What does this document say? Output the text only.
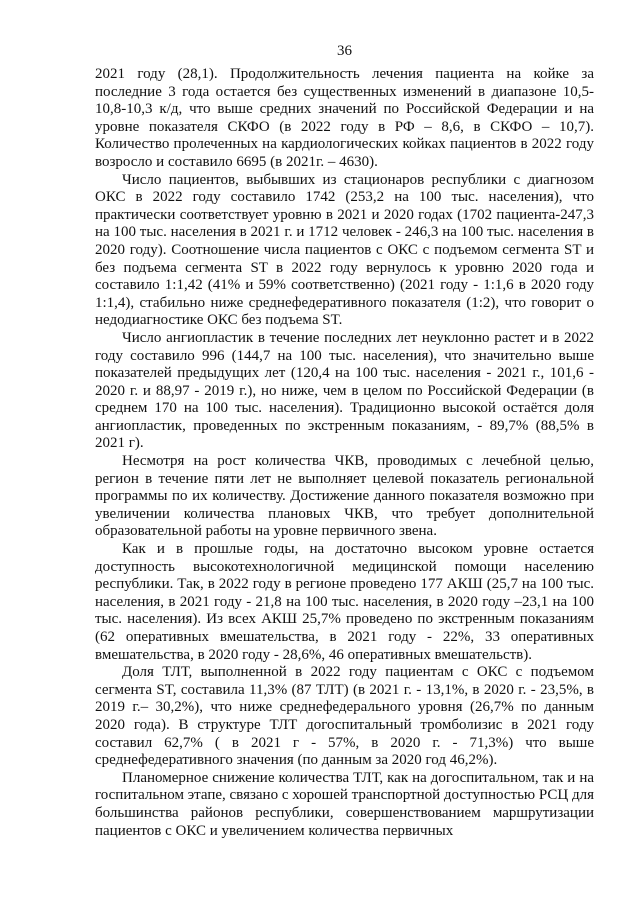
36

2021 году (28,1). Продолжительность лечения пациента на койке за последние 3 года остается без существенных изменений в диапазоне 10,5-10,8-10,3 к/д, что выше средних значений по Российской Федерации и на уровне показателя СКФО (в 2022 году в РФ – 8,6, в СКФО – 10,7). Количество пролеченных на кардиологических койках пациентов в 2022 году возросло и составило 6695 (в 2021г. – 4630).

Число пациентов, выбывших из стационаров республики с диагнозом ОКС в 2022 году составило 1742 (253,2 на 100 тыс. населения), что практически соответствует уровню в 2021 и 2020 годах (1702 пациента-247,3 на 100 тыс. населения в 2021 г. и 1712 человек - 246,3 на 100 тыс. населения в 2020 году). Соотношение числа пациентов с ОКС с подъемом сегмента ST и без подъема сегмента ST в 2022 году вернулось к уровню 2020 года и составило 1:1,42 (41% и 59% соответственно) (2021 году - 1:1,6 в 2020 году 1:1,4), стабильно ниже среднефедеративного показателя (1:2), что говорит о недодиагностике ОКС без подъема ST.

Число ангиопластик в течение последних лет неуклонно растет и в 2022 году составило 996 (144,7 на 100 тыс. населения), что значительно выше показателей предыдущих лет (120,4 на 100 тыс. населения - 2021 г., 101,6 - 2020 г. и 88,97 - 2019 г.), но ниже, чем в целом по Российской Федерации (в среднем 170 на 100 тыс. населения). Традиционно высокой остаётся доля ангиопластик, проведенных по экстренным показаниям, - 89,7% (88,5% в 2021 г).

Несмотря на рост количества ЧКВ, проводимых с лечебной целью, регион в течение пяти лет не выполняет целевой показатель региональной программы по их количеству. Достижение данного показателя возможно при увеличении количества плановых ЧКВ, что требует дополнительной образовательной работы на уровне первичного звена.

Как и в прошлые годы, на достаточно высоком уровне остается доступность высокотехнологичной медицинской помощи населению республики. Так, в 2022 году в регионе проведено 177 АКШ (25,7 на 100 тыс. населения, в 2021 году - 21,8 на 100 тыс. населения, в 2020 году –23,1 на 100 тыс. населения). Из всех АКШ 25,7% проведено по экстренным показаниям (62 оперативных вмешательства, в 2021 году - 22%, 33 оперативных вмешательства, в 2020 году - 28,6%, 46 оперативных вмешательств).

Доля ТЛТ, выполненной в 2022 году пациентам с ОКС с подъемом сегмента ST, составила 11,3% (87 ТЛТ) (в 2021 г. - 13,1%, в 2020 г. - 23,5%, в 2019 г.– 30,2%), что ниже среднефедерального уровня (26,7% по данным 2020 года). В структуре ТЛТ догоспитальный тромболизис в 2021 году составил 62,7% ( в 2021 г - 57%, в 2020 г. - 71,3%) что выше среднефедеративного значения (по данным за 2020 год 46,2%).

Планомерное снижение количества ТЛТ, как на догоспитальном, так и на госпитальном этапе, связано с хорошей транспортной доступностью РСЦ для большинства районов республики, совершенствованием маршрутизации пациентов с ОКС и увеличением количества первичных
